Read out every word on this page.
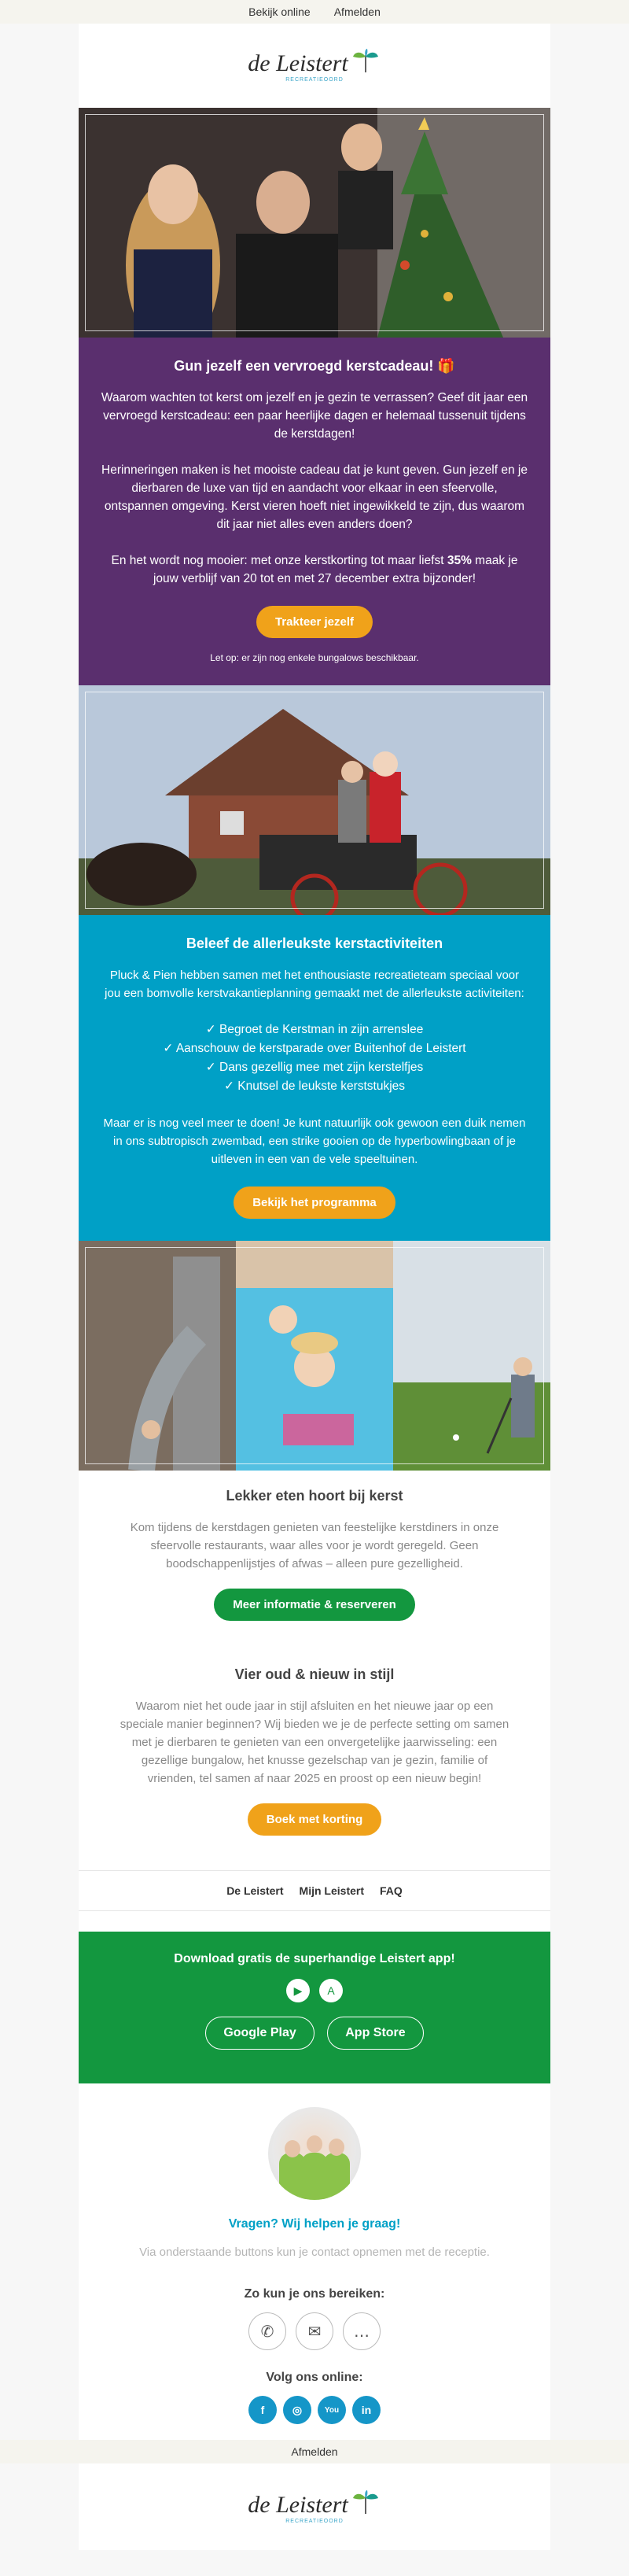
Bekijk online Afmelden
de Leistert
RECREATIEOORD
Gun jezelf een vervroegd kerstcadeau! 🎁

Waarom wachten tot kerst om jezelf en je gezin te verrassen? Geef dit jaar een vervroegd kerstcadeau: een paar heerlijke dagen er helemaal tussenuit tijdens de kerstdagen!

Herinneringen maken is het mooiste cadeau dat je kunt geven. Gun jezelf en je dierbaren de luxe van tijd en aandacht voor elkaar in een sfeervolle, ontspannen omgeving. Kerst vieren hoeft niet ingewikkeld te zijn, dus waarom dit jaar niet alles even anders doen?

En het wordt nog mooier: met onze kerstkorting tot maar liefst 35% maak je jouw verblijf van 20 tot en met 27 december extra bijzonder!

Trakteer jezelf
Let op: er zijn nog enkele bungalows beschikbaar.
Beleef de allerleukste kerstactiviteiten

Pluck & Pien hebben samen met het enthousiaste recreatieteam speciaal voor jou een bomvolle kerstvakantieplanning gemaakt met de allerleukste activiteiten:

✓ Begroet de Kerstman in zijn arrenslee
✓ Aanschouw de kerstparade over Buitenhof de Leistert
✓ Dans gezellig mee met zijn kerstelfjes
✓ Knutsel de leukste kerststukjes

Maar er is nog veel meer te doen! Je kunt natuurlijk ook gewoon een duik nemen in ons subtropisch zwembad, een strike gooien op de hyperbowlingbaan of je uitleven in een van de vele speeltuinen.

Bekijk het programma
Lekker eten hoort bij kerst

Kom tijdens de kerstdagen genieten van feestelijke kerstdiners in onze sfeervolle restaurants, waar alles voor je wordt geregeld. Geen boodschappenlijstjes of afwas – alleen pure gezelligheid.

Meer informatie & reserveren
Vier oud & nieuw in stijl

Waarom niet het oude jaar in stijl afsluiten en het nieuwe jaar op een speciale manier beginnen? Wij bieden we je de perfecte setting om samen met je dierbaren te genieten van een onvergetelijke jaarwisseling: een gezellige bungalow, het knusse gezelschap van je gezin, familie of vrienden, tel samen af naar 2025 en proost op een nieuw begin!

Boek met korting
De Leistert Mijn Leistert FAQ
Download gratis de superhandige Leistert app!
▶	A
Google Play	App Store
Vragen? Wij helpen je graag!

Via onderstaande buttons kun je contact opnemen met de receptie.

Zo kun je ons bereiken:
✆ ✉ …
Volg ons online:
f	◎	You	in
Afmelden
de Leistert
RECREATIEOORD
